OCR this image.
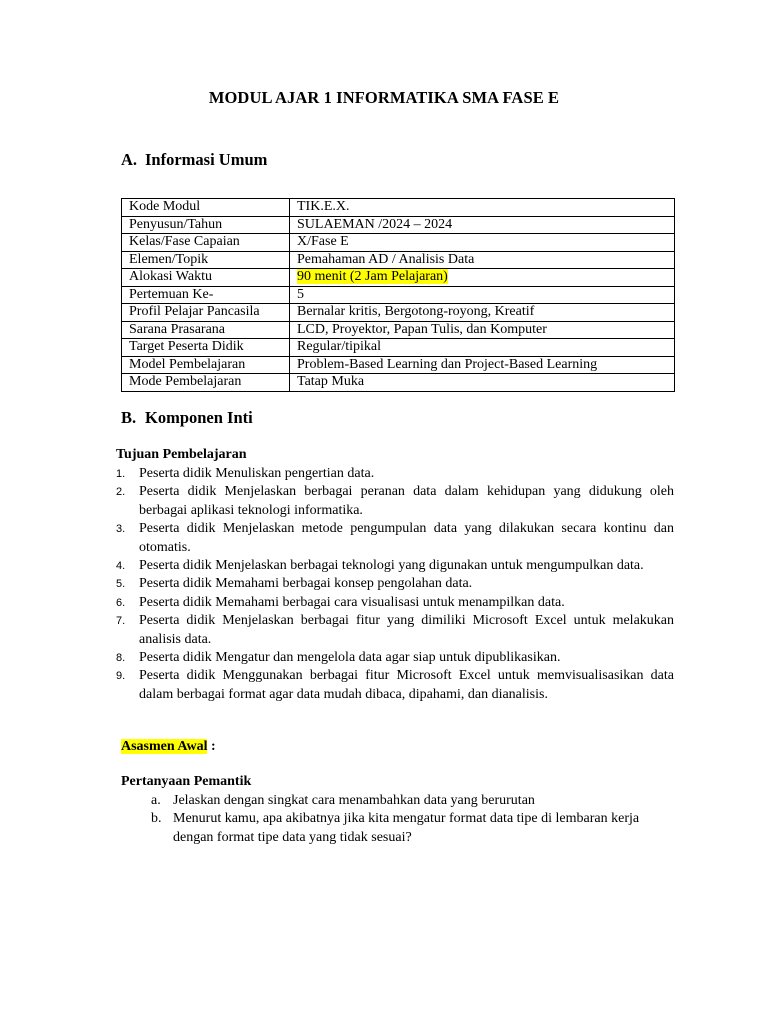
MODUL AJAR 1 INFORMATIKA SMA FASE E
A. Informasi Umum
Kode Modul	TIK.E.X.
Penyusun/Tahun	SULAEMAN /2024 – 2024
Kelas/Fase Capaian	X/Fase E
Elemen/Topik	Pemahaman AD / Analisis Data
Alokasi Waktu	90 menit (2 Jam Pelajaran)
Pertemuan Ke-	5
Profil Pelajar Pancasila	Bernalar kritis, Bergotong-royong, Kreatif
Sarana Prasarana	LCD, Proyektor, Papan Tulis, dan Komputer
Target Peserta Didik	Regular/tipikal
Model Pembelajaran	Problem-Based Learning dan Project-Based Learning
Mode Pembelajaran	Tatap Muka
B. Komponen Inti
Tujuan Pembelajaran
1. Peserta didik Menuliskan pengertian data.
2. Peserta didik Menjelaskan berbagai peranan data dalam kehidupan yang didukung oleh berbagai aplikasi teknologi informatika.
3. Peserta didik Menjelaskan metode pengumpulan data yang dilakukan secara kontinu dan otomatis.
4. Peserta didik Menjelaskan berbagai teknologi yang digunakan untuk mengumpulkan data.
5. Peserta didik Memahami berbagai konsep pengolahan data.
6. Peserta didik Memahami berbagai cara visualisasi untuk menampilkan data.
7. Peserta didik Menjelaskan berbagai fitur yang dimiliki Microsoft Excel untuk melakukan analisis data.
8. Peserta didik Mengatur dan mengelola data agar siap untuk dipublikasikan.
9. Peserta didik Menggunakan berbagai fitur Microsoft Excel untuk memvisualisasikan data dalam berbagai format agar data mudah dibaca, dipahami, dan dianalisis.
Asasmen Awal :
Pertanyaan Pemantik
a. Jelaskan dengan singkat cara menambahkan data yang berurutan
b. Menurut kamu, apa akibatnya jika kita mengatur format data tipe di lembaran kerja dengan format tipe data yang tidak sesuai?
